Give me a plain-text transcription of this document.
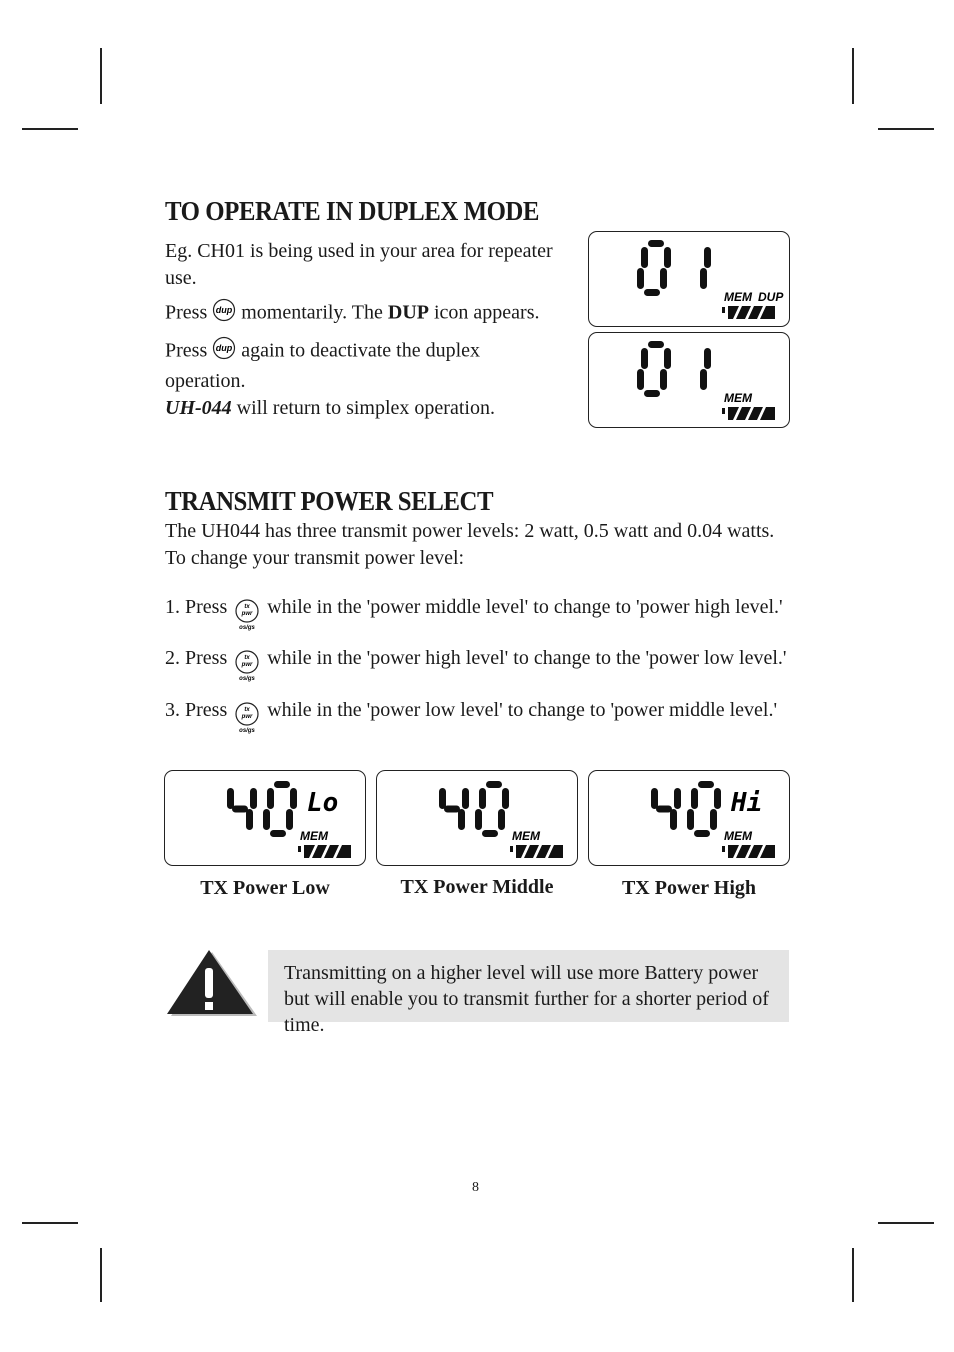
TO OPERATE IN DUPLEX MODE
Eg. CH01 is being used in your area for repeater use.
Press dup momentarily. The DUP icon appears.
Press dup again to deactivate the duplex operation.
UH-044 will return to simplex operation.
MEM DUP
MEM
TRANSMIT POWER SELECT
The UH044 has three transmit power levels: 2 watt, 0.5 watt and 0.04 watts. To change your transmit power level:
1. Press	tx
pwr
os/gs
while in the 'power middle level' to change to 'power high level.'
2. Press	tx
pwr
os/gs
while in the 'power high level' to change to the 'power low level.'
3. Press	tx
pwr
os/gs
while in the 'power low level' to change to 'power middle level.'
Lo
MEM
TX Power Low
MEM
TX Power Middle
Hi
MEM
TX Power High
Transmitting on a higher level will use more Battery power but will enable you to transmit further for a shorter period of time.
8
